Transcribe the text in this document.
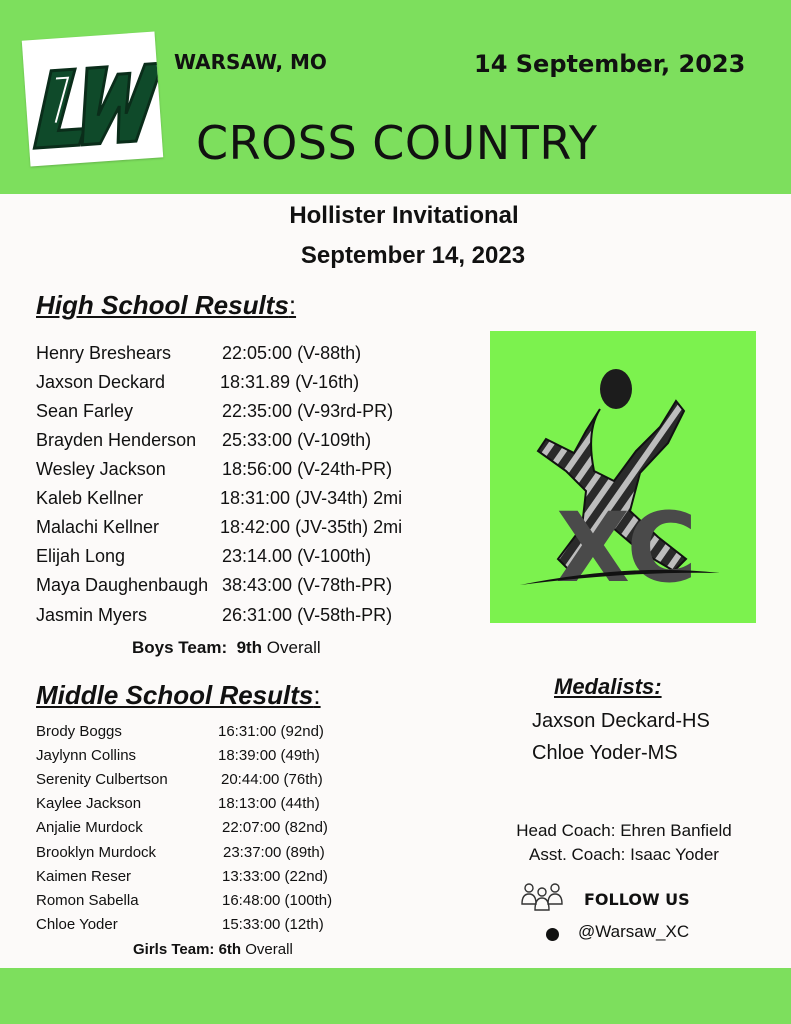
LW
WARSAW, MO	14 September, 2023
CROSS COUNTRY
Hollister Invitational
September 14, 2023
High School Results:
Henry Breshears	22:05:00 (V-88th)
Jaxson Deckard	18:31.89 (V-16th)
Sean Farley	22:35:00 (V-93rd-PR)
Brayden Henderson 25:33:00 (V-109th)
Wesley Jackson	18:56:00 (V-24th-PR)
Kaleb Kellner	18:31:00 (JV-34th) 2mi
Malachi Kellner	18:42:00 (JV-35th) 2mi
Elijah Long	23:14.00 (V-100th)
Maya Daughenbaugh 38:43:00 (V-78th-PR)
Jasmin Myers	26:31:00 (V-58th-PR)
Boys Team:  9th Overall
Middle School Results:
Brody Boggs	16:31:00 (92nd)
Jaylynn Collins	18:39:00 (49th)
Serenity Culbertson	20:44:00 (76th)
Kaylee Jackson	18:13:00 (44th)
Anjalie Murdock	22:07:00 (82nd)
Brooklyn Murdock	23:37:00 (89th)
Kaimen Reser	13:33:00 (22nd)
Romon Sabella	16:48:00 (100th)
Chloe Yoder	15:33:00 (12th)
Girls Team: 6th Overall
XC
Medalists:
Jaxson Deckard-HS
Chloe Yoder-MS
Head Coach: Ehren Banfield
Asst. Coach: Isaac Yoder
FOLLOW US
@Warsaw_XC
